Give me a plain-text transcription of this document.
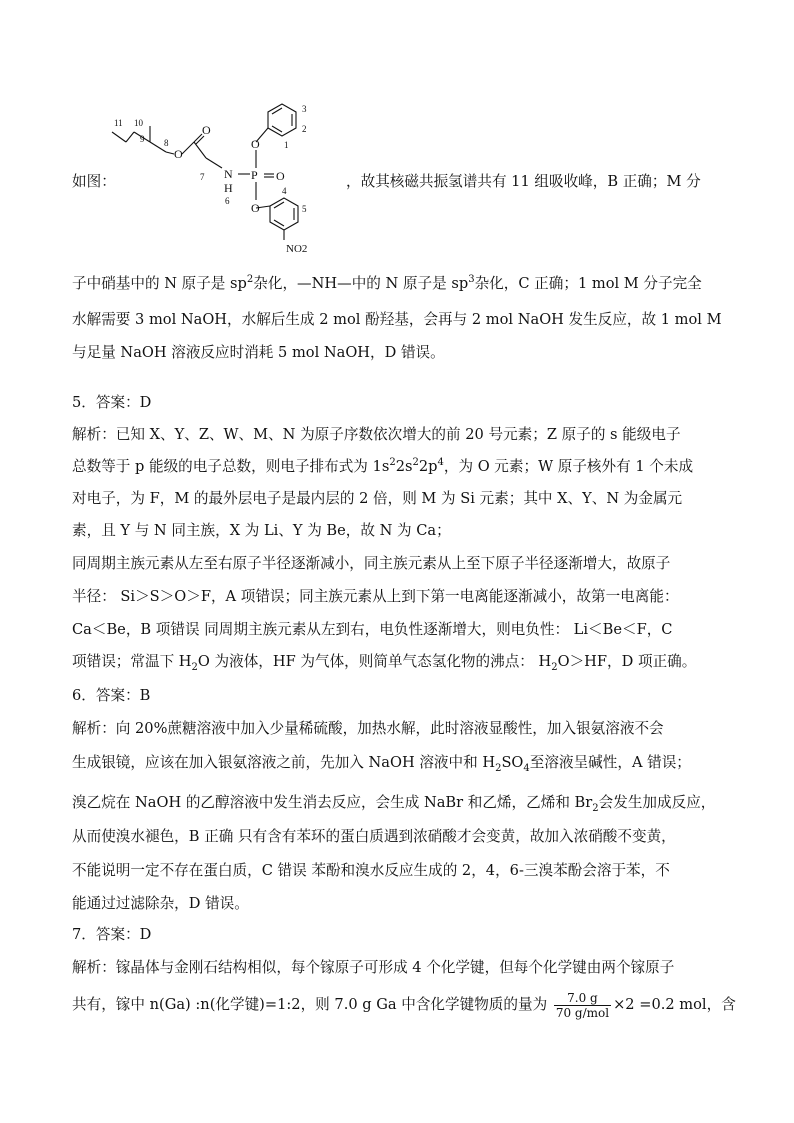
如图：
11 10
9 8
O
O
7 N
H
6
P O
O	1
2
3
O
4
5
NO2
，故其核磁共振氢谱共有 11 组吸收峰，B 正确；M 分
子中硝基中的 N 原子是 $sp^2$杂化，—NH—中的 N 原子是 $sp^3$杂化，C 正确；1 mol M 分子完全
水解需要 3 mol NaOH，水解后生成 2 mol 酚羟基，会再与 2 mol NaOH 发生反应，故 1 mol M
与足量 NaOH 溶液反应时消耗 5 mol NaOH，D 错误。
5．答案：D
解析：已知 X、Y、Z、W、M、N 为原子序数依次增大的前 20 号元素；Z 原子的 s 能级电子
总数等于 p 能级的电子总数，则电子排布式为 $1s^22s^22p^4$，为 O 元素；W 原子核外有 1 个未成
对电子，为 F，M 的最外层电子是最内层的 2 倍，则 M 为 Si 元素；其中 X、Y、N 为金属元
素，且 Y 与 N 同主族，X 为 Li、Y 为 Be，故 N 为 Ca；
同周期主族元素从左至右原子半径逐渐减小，同主族元素从上至下原子半径逐渐增大，故原子
半径： Si＞S＞O＞F，A 项错误；同主族元素从上到下第一电离能逐渐减小，故第一电离能：
Ca＜Be，B 项错误 同周期主族元素从左到右，电负性逐渐增大，则电负性： Li＜Be＜F，C
项错误；常温下 $H_2O$ 为液体，HF 为气体，则简单气态氢化物的沸点： $H_2O>HF$，D 项正确。
6．答案：B
解析：向 20%蔗糖溶液中加入少量稀硫酸，加热水解，此时溶液显酸性，加入银氨溶液不会
生成银镜，应该在加入银氨溶液之前，先加入 NaOH 溶液中和 $H_2SO_4$至溶液呈碱性，A 错误；
溴乙烷在 NaOH 的乙醇溶液中发生消去反应，会生成 NaBr 和乙烯，乙烯和 $Br_2$会发生加成反应，
从而使溴水褪色，B 正确 只有含有苯环的蛋白质遇到浓硝酸才会变黄，故加入浓硝酸不变黄，
不能说明一定不存在蛋白质，C 错误 苯酚和溴水反应生成的 2，4，6-三溴苯酚会溶于苯，不
能通过过滤除杂，D 错误。
7．答案：D
解析：镓晶体与金刚石结构相似，每个镓原子可形成 4 个化学键，但每个化学键由两个镓原子
共有，镓中 n(Ga) :n(化学键)=1:2，则 7.0 g Ga 中含化学键物质的量为 $\frac{7.0 g}{\text{70 g/mol}} \times 2 =0.2$ mol，含
